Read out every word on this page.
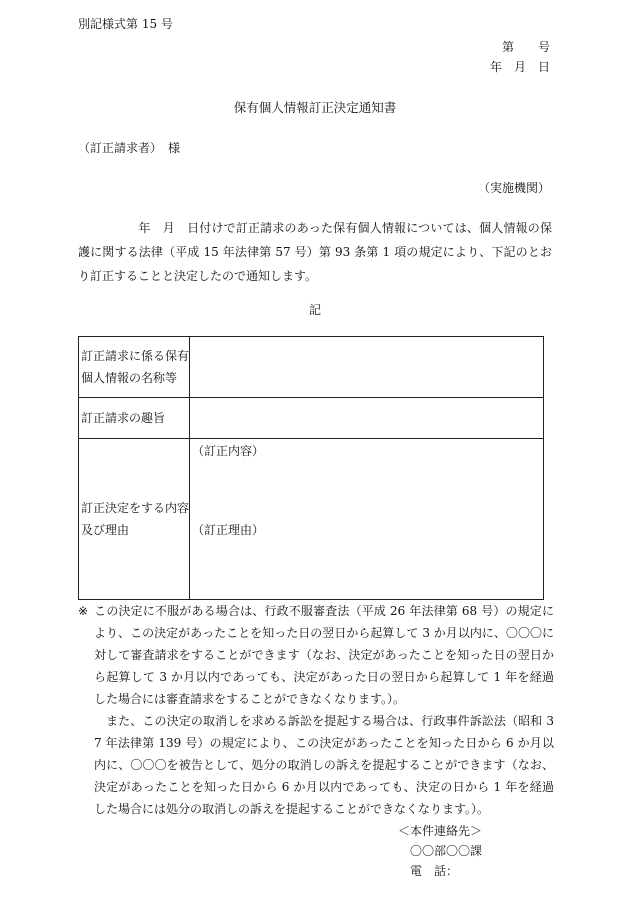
別記様式第 15 号
第　　号
年　月　日
保有個人情報訂正決定通知書
（訂正請求者）　様
（実施機関）
　年　月　日付けで訂正請求のあった保有個人情報については、個人情報の保護に関する法律（平成 15 年法律第 57 号）第 93 条第 1 項の規定により、下記のとおり訂正することと決定したので通知します。
記
訂正請求に係る保有個人情報の名称等	
訂正請求の趣旨	
訂正決定をする内容及び理由	（訂正内容）
（訂正理由）
※ この決定に不服がある場合は、行政不服審査法（平成 26 年法律第 68 号）の規定により、この決定があったことを知った日の翌日から起算して 3 か月以内に、〇〇〇に対して審査請求をすることができます（なお、決定があったことを知った日の翌日から起算して 3 か月以内であっても、決定があった日の翌日から起算して 1 年を経過した場合には審査請求をすることができなくなります。）。
また、この決定の取消しを求める訴訟を提起する場合は、行政事件訴訟法（昭和 37 年法律第 139 号）の規定により、この決定があったことを知った日から 6 か月以内に、〇〇〇を被告として、処分の取消しの訴えを提起することができます（なお、決定があったことを知った日から 6 か月以内であっても、決定の日から 1 年を経過した場合には処分の取消しの訴えを提起することができなくなります。）。
＜本件連絡先＞
〇〇部〇〇課
電　話：
